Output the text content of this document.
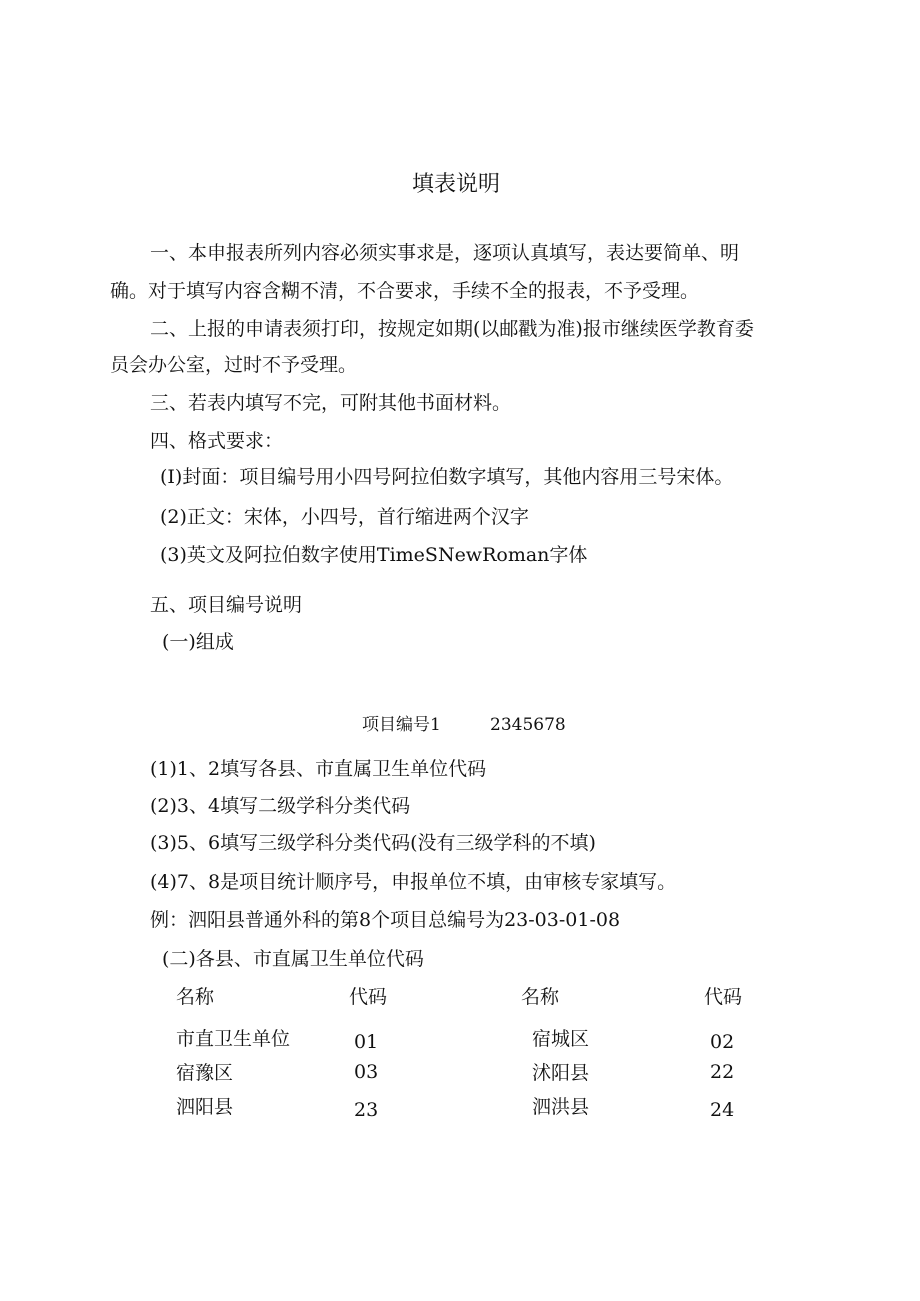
填表说明
一、本申报表所列内容必须实事求是，逐项认真填写，表达要简单、明
确。对于填写内容含糊不清，不合要求，手续不全的报表，不予受理。
二、上报的申请表须打印，按规定如期(以邮戳为准)报市继续医学教育委
员会办公室，过时不予受理。
三、若表内填写不完，可附其他书面材料。
四、格式要求：
(I)封面：项目编号用小四号阿拉伯数字填写，其他内容用三号宋体。
(2)正文：宋体，小四号，首行缩进两个汉字
(3)英文及阿拉伯数字使用TimeSNewRoman字体
五、项目编号说明
(一)组成
项目编号1	2345678
(1)1、2填写各县、市直属卫生单位代码
(2)3、4填写二级学科分类代码
(3)5、6填写三级学科分类代码(没有三级学科的不填)
(4)7、8是项目统计顺序号，申报单位不填，由审核专家填写。
例：泗阳县普通外科的第8个项目总编号为23-03-01-08
(二)各县、市直属卫生单位代码
名称	代码	名称	代码
市直卫生单位	01	宿城区	02
宿豫区	03	沭阳县	22
泗阳县	23	泗洪县	24
